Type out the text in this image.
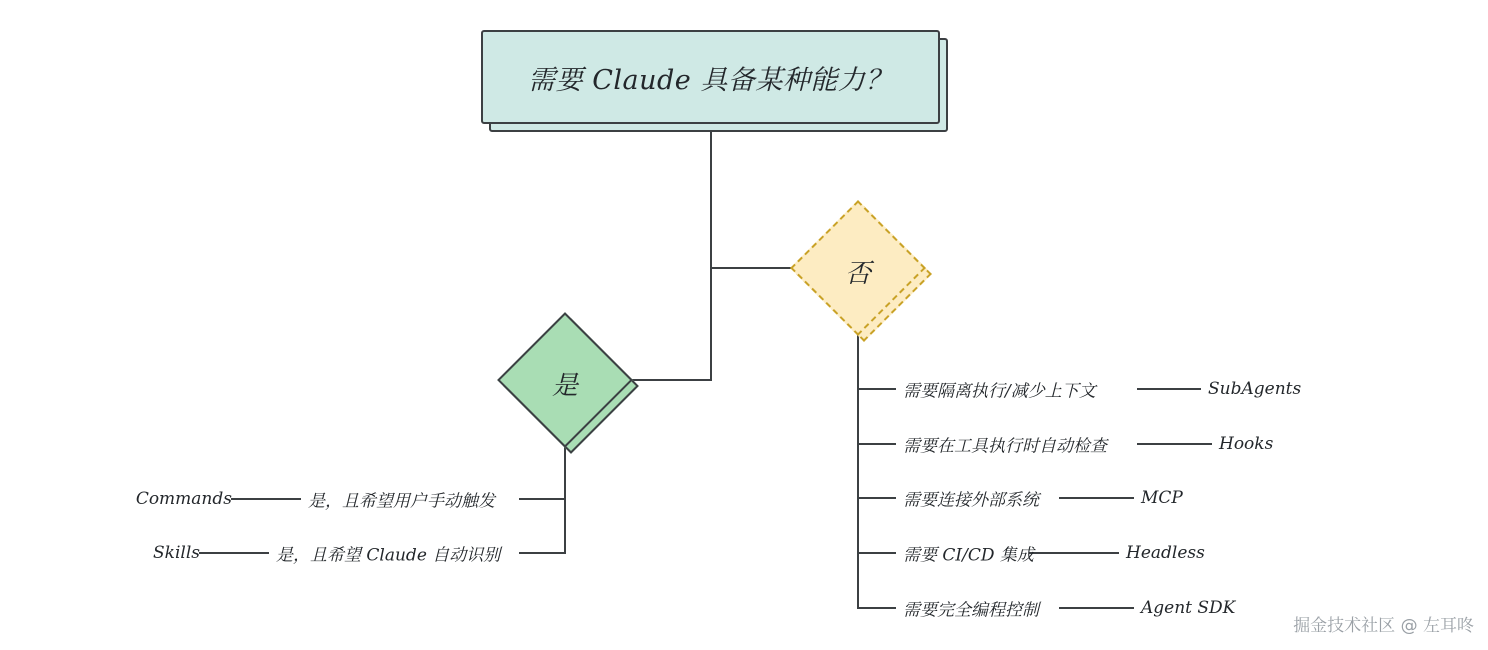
需要 Claude 具备某种能力？
是
否
Commands	是，且希望用户手动触发
Skills	是，且希望 Claude 自动识别
需要隔离执行/减少上下文	SubAgents
需要在工具执行时自动检查	Hooks
需要连接外部系统	MCP
需要 CI/CD 集成	Headless
需要完全编程控制	Agent SDK
掘金技术社区 @ 左耳咚
